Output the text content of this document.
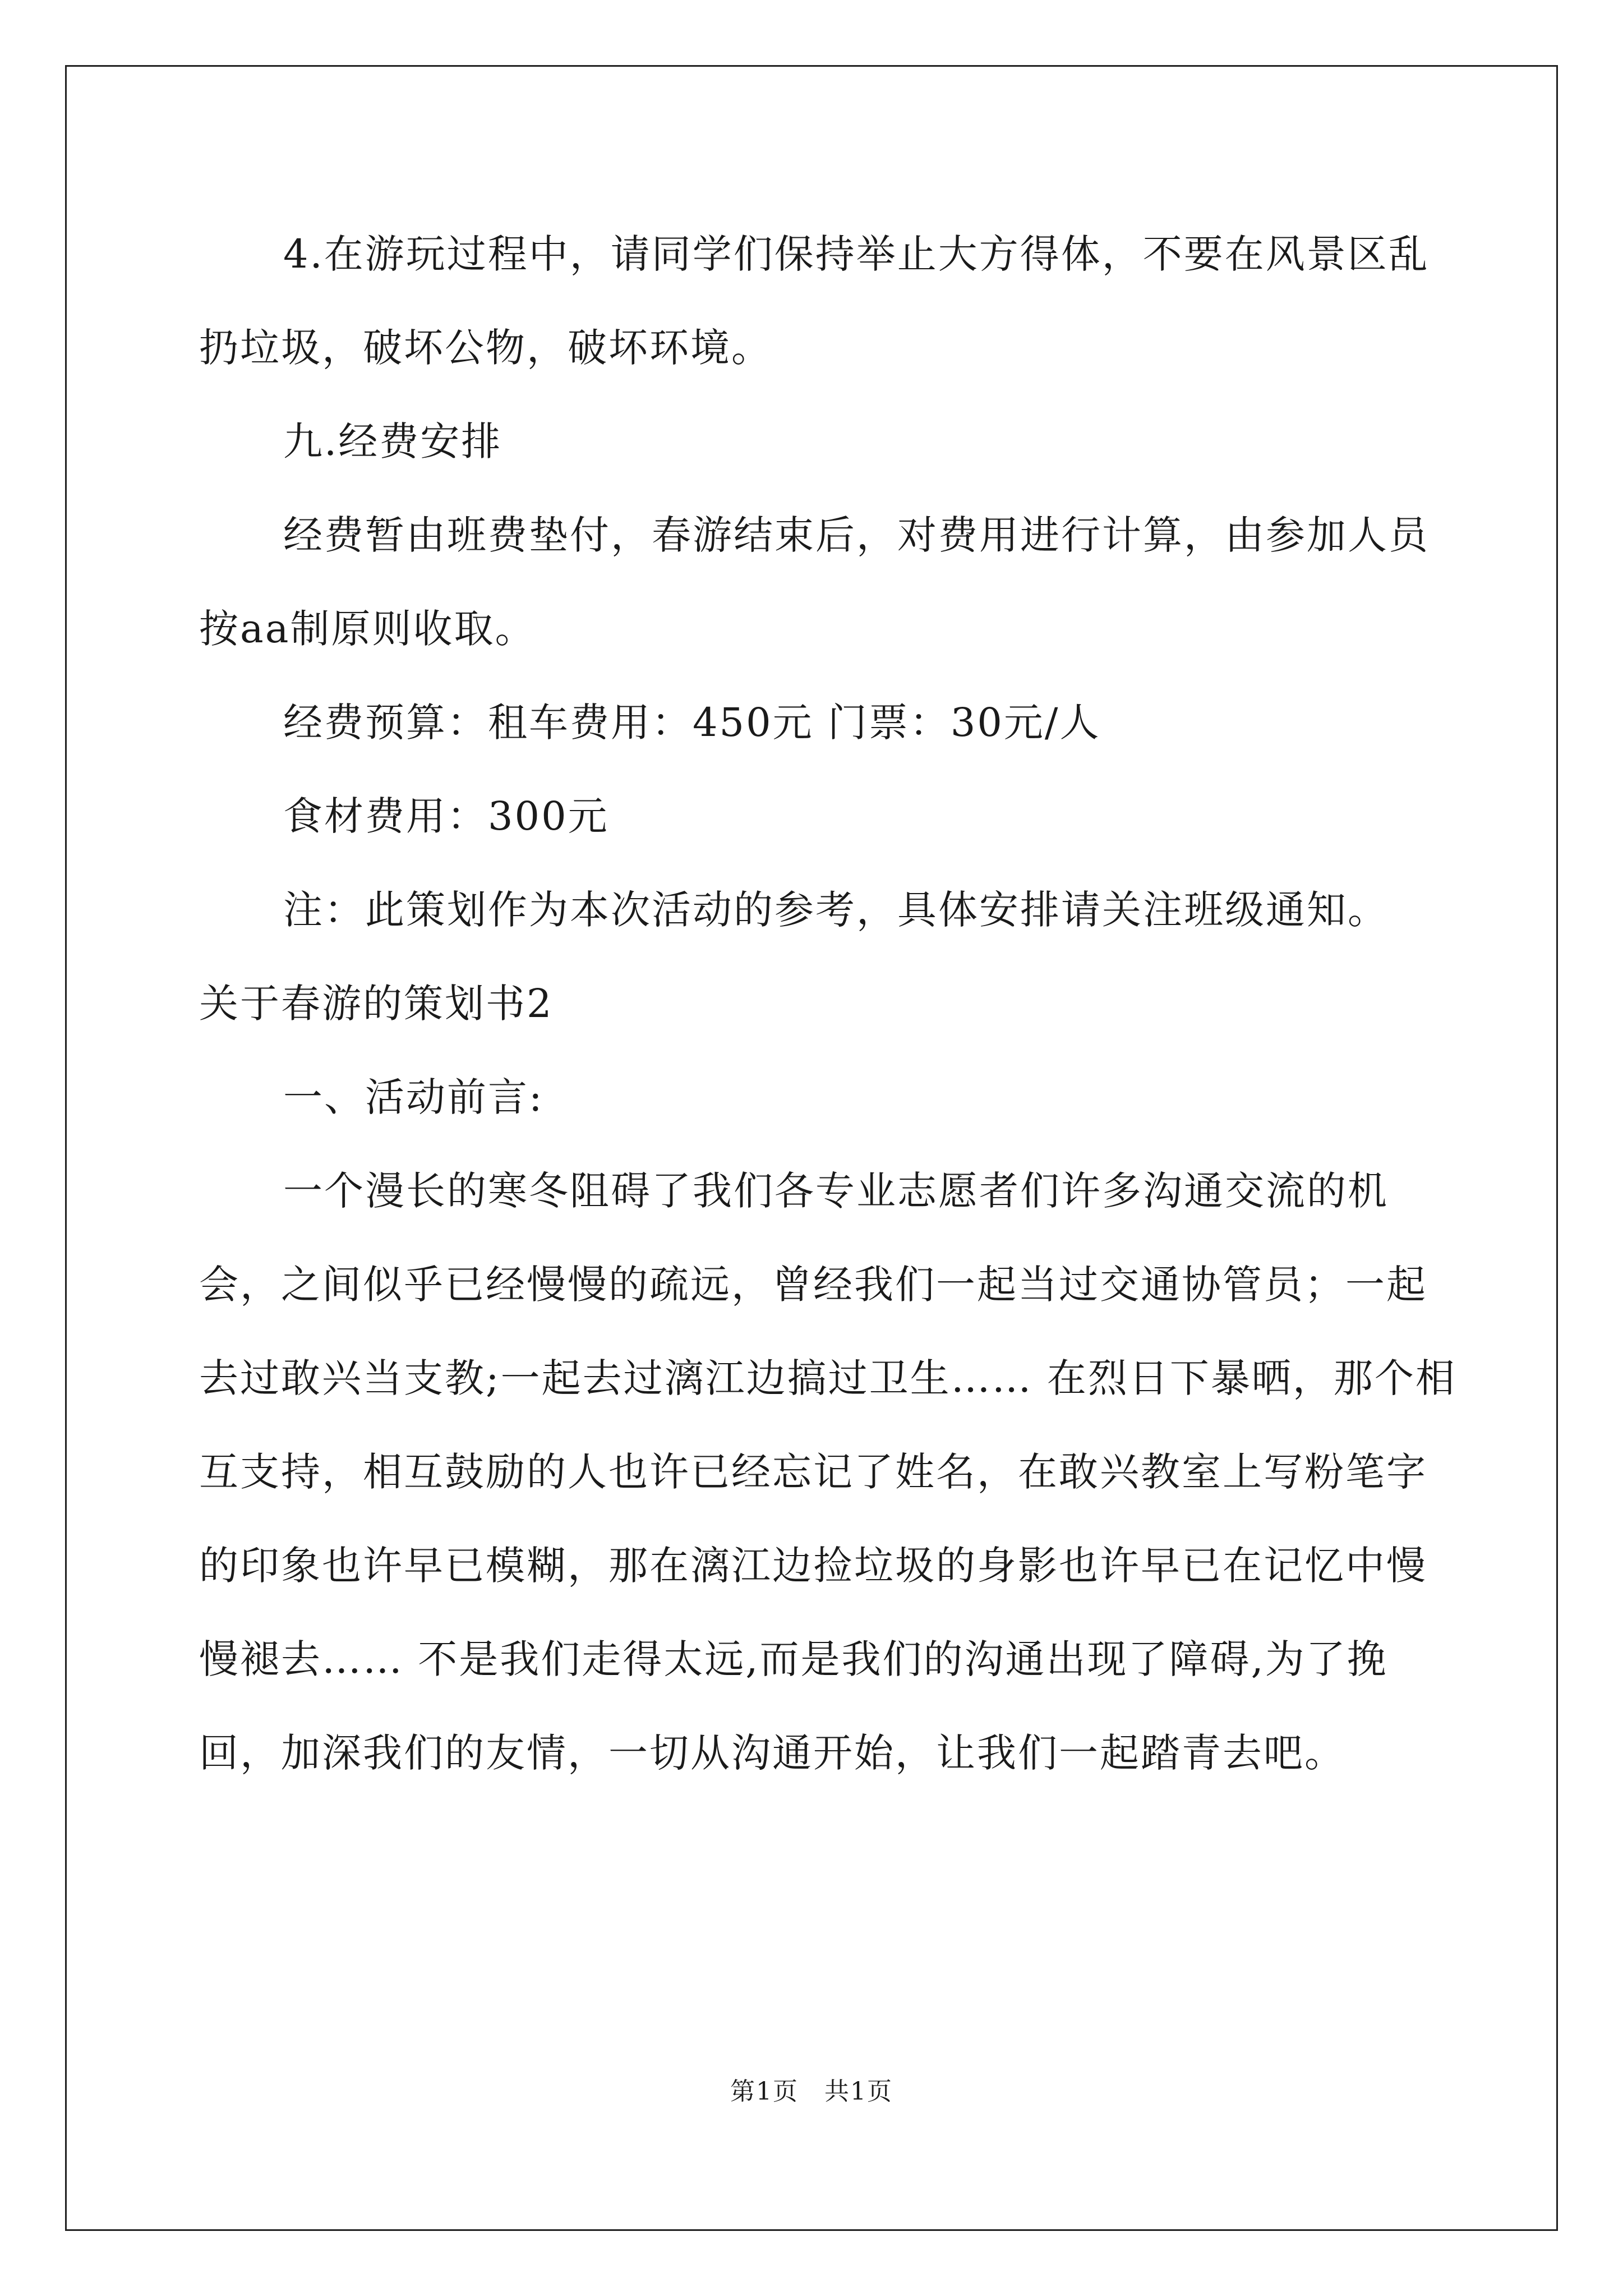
4.在游玩过程中，请同学们保持举止大方得体，不要在风景区乱扔垃圾，破坏公物，破坏环境。

九.经费安排

经费暂由班费垫付，春游结束后，对费用进行计算，由参加人员按aa制原则收取。

经费预算：租车费用：450元 门票：30元/人

食材费用：300元

注：此策划作为本次活动的参考，具体安排请关注班级通知。

关于春游的策划书2

一、活动前言:

一个漫长的寒冬阻碍了我们各专业志愿者们许多沟通交流的机会，之间似乎已经慢慢的疏远，曾经我们一起当过交通协管员；一起去过敢兴当支教;一起去过漓江边搞过卫生…… 在烈日下暴晒，那个相互支持，相互鼓励的人也许已经忘记了姓名，在敢兴教室上写粉笔字的印象也许早已模糊，那在漓江边捡垃圾的身影也许早已在记忆中慢慢褪去…… 不是我们走得太远,而是我们的沟通出现了障碍,为了挽回，加深我们的友情，一切从沟通开始，让我们一起踏青去吧。

第1页　共1页
